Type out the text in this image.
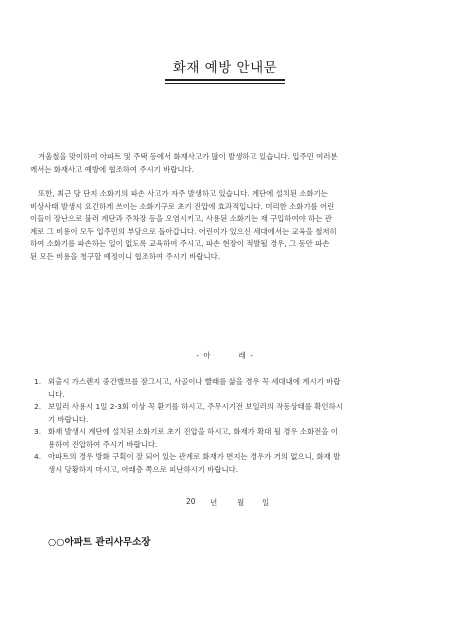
화재 예방 안내문
겨울철을 맞이하여 아파트 및 주택 등에서 화재사고가 많이 발생하고 있습니다. 입주민 여러분
께서는 화재사고 예방에 협조하여 주시기 바랍니다.
또한, 최근 당 단지 소화기의 파손 사고가 자주 발생하고 있습니다. 계단에 설치된 소화기는
비상사태 발생시 요긴하게 쓰이는 소화기구로 초기 진압에 효과적입니다. 미리한 소화기를 어린
이들이 장난으로 불러 계단과 주차장 등을 오염시키고, 사용된 소화기는 재 구입하여야 하는 관
계로 그 비용이 모두 입주민의 부담으로 돌아갑니다. 어린이가 있으신 세대에서는 교육을 철저히
하여 소화기를 파손하는 일이 없도록 교육하여 주시고, 파손 현장이 적발될 경우, 그 동안 파손
된 모든 비용을 청구할 예정이니 협조하여 주시기 바랍니다.
- 아        래 -
1. 외출시 가스렌지 중간밸브를 잠그시고, 사골이나 빨래를 삶을 경우 꼭 세대내에 계시기 바랍
니다.
2. 보일러 사용시 1일 2-3회 이상 꼭 환기를 하시고, 주무시기전 보일러의 작동상태를 확인하시
기 바랍니다.
3. 화재 발생시 계단에 설치된 소화기로 초기 진압을 하시고, 화재가 확대 될 경우 소화전을 이
용하여 진압하여 주시기 바랍니다.
4. 아파트의 경우 방화 구획이 잘 되어 있는 관계로 화재가 번지는 경우가 거의 없으니, 화재 발
생시 당황하지 마시고, 아래층 쪽으로 피난하시기 바랍니다.
20 년	월 일
○○아파트 관리사무소장
